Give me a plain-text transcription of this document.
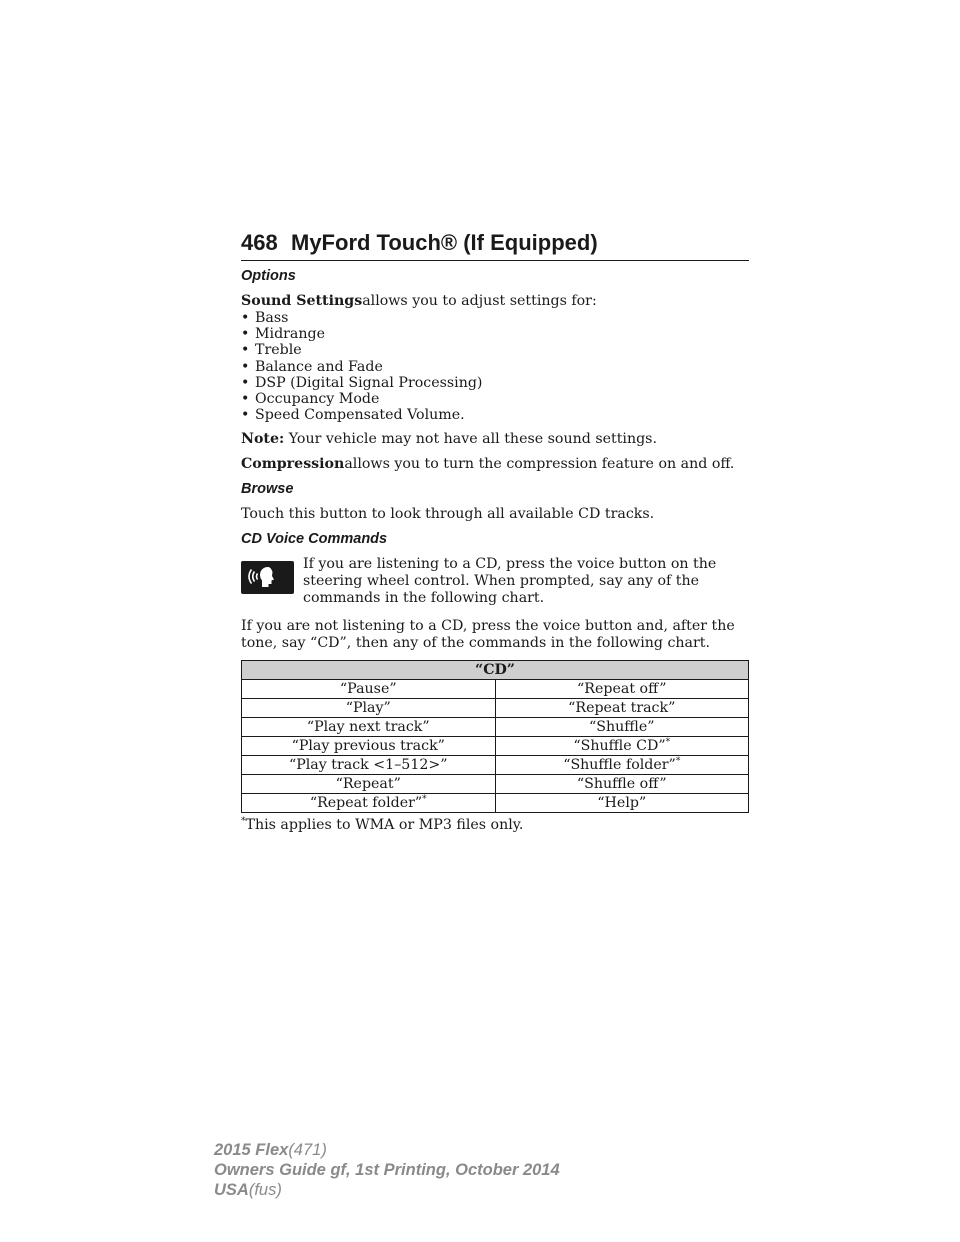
468 MyFord Touch® (If Equipped)
Options

Sound Settingsallows you to adjust settings for:

• Bass
• Midrange
• Treble
• Balance and Fade
• DSP (Digital Signal Processing)
• Occupancy Mode
• Speed Compensated Volume.

Note: Your vehicle may not have all these sound settings.

Compressionallows you to turn the compression feature on and off.

Browse

Touch this button to look through all available CD tracks.

CD Voice Commands
If you are listening to a CD, press the voice button on the steering wheel control. When prompted, say any of the commands in the following chart.

If you are not listening to a CD, press the voice button and, after the tone, say “CD”, then any of the commands in the following chart.

“CD”	
“Pause”	“Repeat off”
“Play”	“Repeat track”
“Play next track”	“Shuffle”
“Play previous track”	“Shuffle CD”*
“Play track <1–512>”	“Shuffle folder”*
“Repeat”	“Shuffle off”
“Repeat folder”*	“Help”
*This applies to WMA or MP3 files only.
2015 Flex(471)
Owners Guide gf, 1st Printing, October 2014
USA(fus)
